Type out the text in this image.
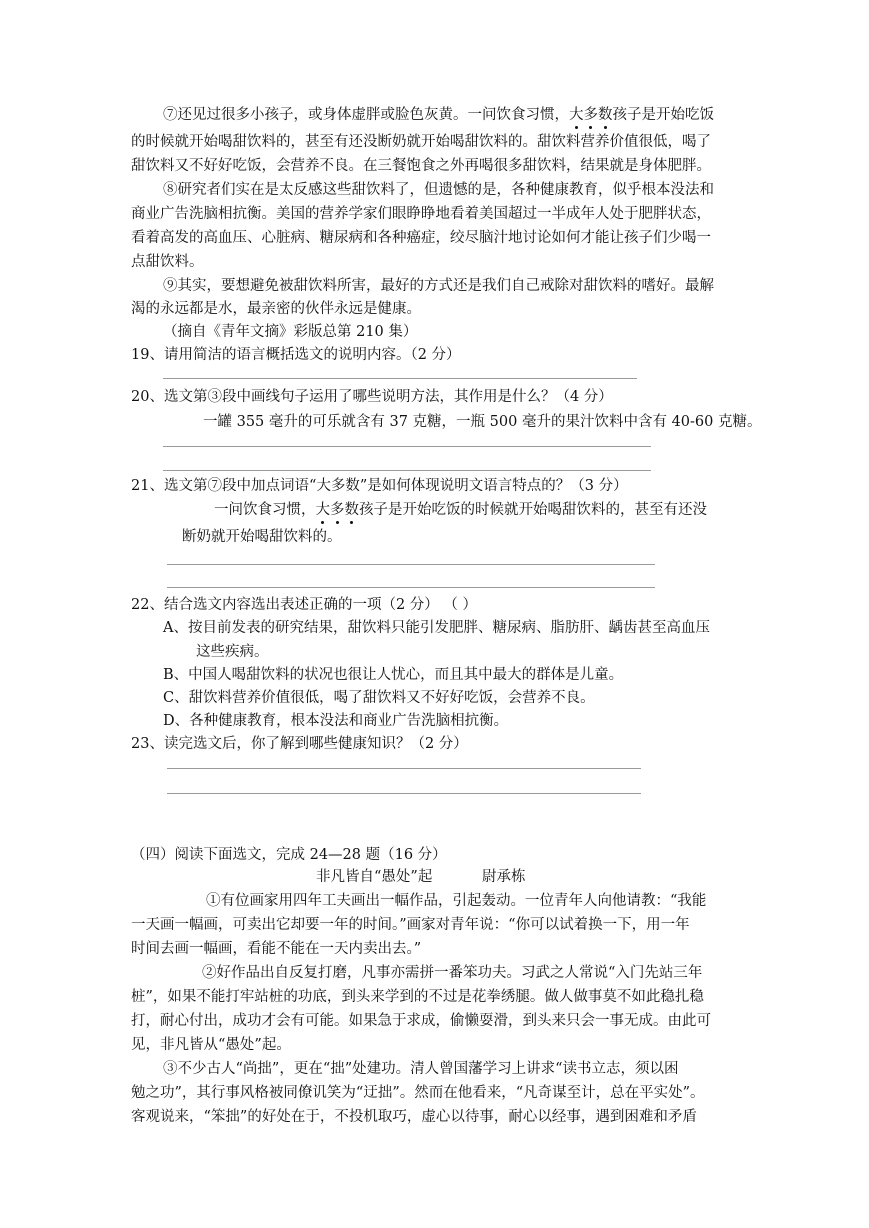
⑦还见过很多小孩子，或身体虚胖或脸色灰黄。一问饮食习惯，大多数孩子是开始吃饭
的时候就开始喝甜饮料的，甚至有还没断奶就开始喝甜饮料的。甜饮料营养价值很低，喝了
甜饮料又不好好吃饭，会营养不良。在三餐饱食之外再喝很多甜饮料，结果就是身体肥胖。
⑧研究者们实在是太反感这些甜饮料了，但遗憾的是，各种健康教育，似乎根本没法和
商业广告洗脑相抗衡。美国的营养学家们眼睁睁地看着美国超过一半成年人处于肥胖状态，
看着高发的高血压、心脏病、糖尿病和各种癌症，绞尽脑汁地讨论如何才能让孩子们少喝一
点甜饮料。
⑨其实，要想避免被甜饮料所害，最好的方式还是我们自己戒除对甜饮料的嗜好。最解
渴的永远都是水，最亲密的伙伴永远是健康。
（摘自《青年文摘》彩版总第 210 集）
19、请用简洁的语言概括选文的说明内容。（2 分）
20、选文第③段中画线句子运用了哪些说明方法，其作用是什么？（4 分）
一罐 355 毫升的可乐就含有 37 克糖，一瓶 500 毫升的果汁饮料中含有 40-60 克糖。
21、选文第⑦段中加点词语“大多数”是如何体现说明文语言特点的？（3 分）
一问饮食习惯，大多数孩子是开始吃饭的时候就开始喝甜饮料的，甚至有还没
断奶就开始喝甜饮料的。
22、结合选文内容选出表述正确的一项（2 分） （ ）
A、按目前发表的研究结果，甜饮料只能引发肥胖、糖尿病、脂肪肝、龋齿甚至高血压
这些疾病。
B、中国人喝甜饮料的状况也很让人忧心，而且其中最大的群体是儿童。
C、甜饮料营养价值很低，喝了甜饮料又不好好吃饭，会营养不良。
D、各种健康教育，根本没法和商业广告洗脑相抗衡。
23、读完选文后，你了解到哪些健康知识？（2 分）
（四）阅读下面选文，完成 24—28 题（16 分）
非凡皆自“愚处”起	尉承栋
①有位画家用四年工夫画出一幅作品，引起轰动。一位青年人向他请教：“我能
一天画一幅画，可卖出它却要一年的时间。”画家对青年说：“你可以试着换一下，用一年
时间去画一幅画，看能不能在一天内卖出去。”
②好作品出自反复打磨，凡事亦需拼一番笨功夫。习武之人常说“入门先站三年
桩”，如果不能打牢站桩的功底，到头来学到的不过是花拳绣腿。做人做事莫不如此稳扎稳
打，耐心付出，成功才会有可能。如果急于求成，偷懒耍滑，到头来只会一事无成。由此可
见，非凡皆从“愚处”起。
③不少古人“尚拙”，更在“拙”处建功。清人曾国藩学习上讲求“读书立志，须以困
勉之功”，其行事风格被同僚讥笑为“迂拙”。然而在他看来，“凡奇谋至计，总在平实处”。
客观说来，“笨拙”的好处在于，不投机取巧，虚心以待事，耐心以经事，遇到困难和矛盾
